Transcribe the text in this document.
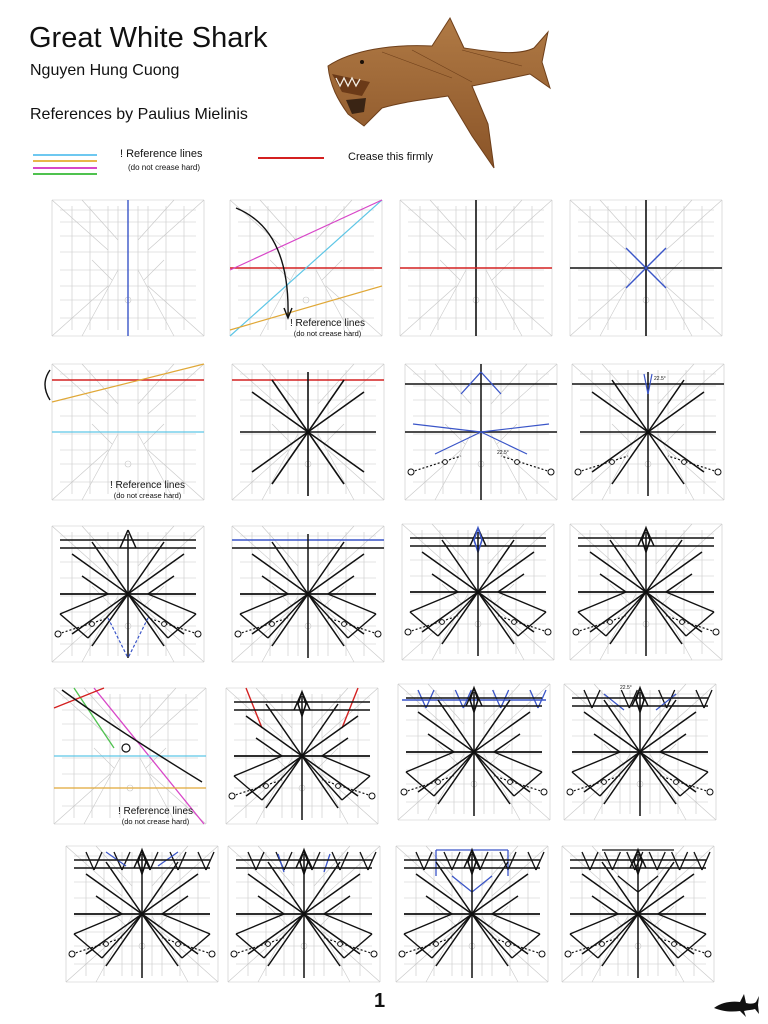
Great White Shark
Nguyen Hung Cuong
References by Paulius Mielinis
! Reference lines
(do not crease hard)
Crease this firmly
22.5°
22.5°
22.5°
! Reference lines
(do not crease hard)
! Reference lines
(do not crease hard)
! Reference lines
(do not crease hard)
1
